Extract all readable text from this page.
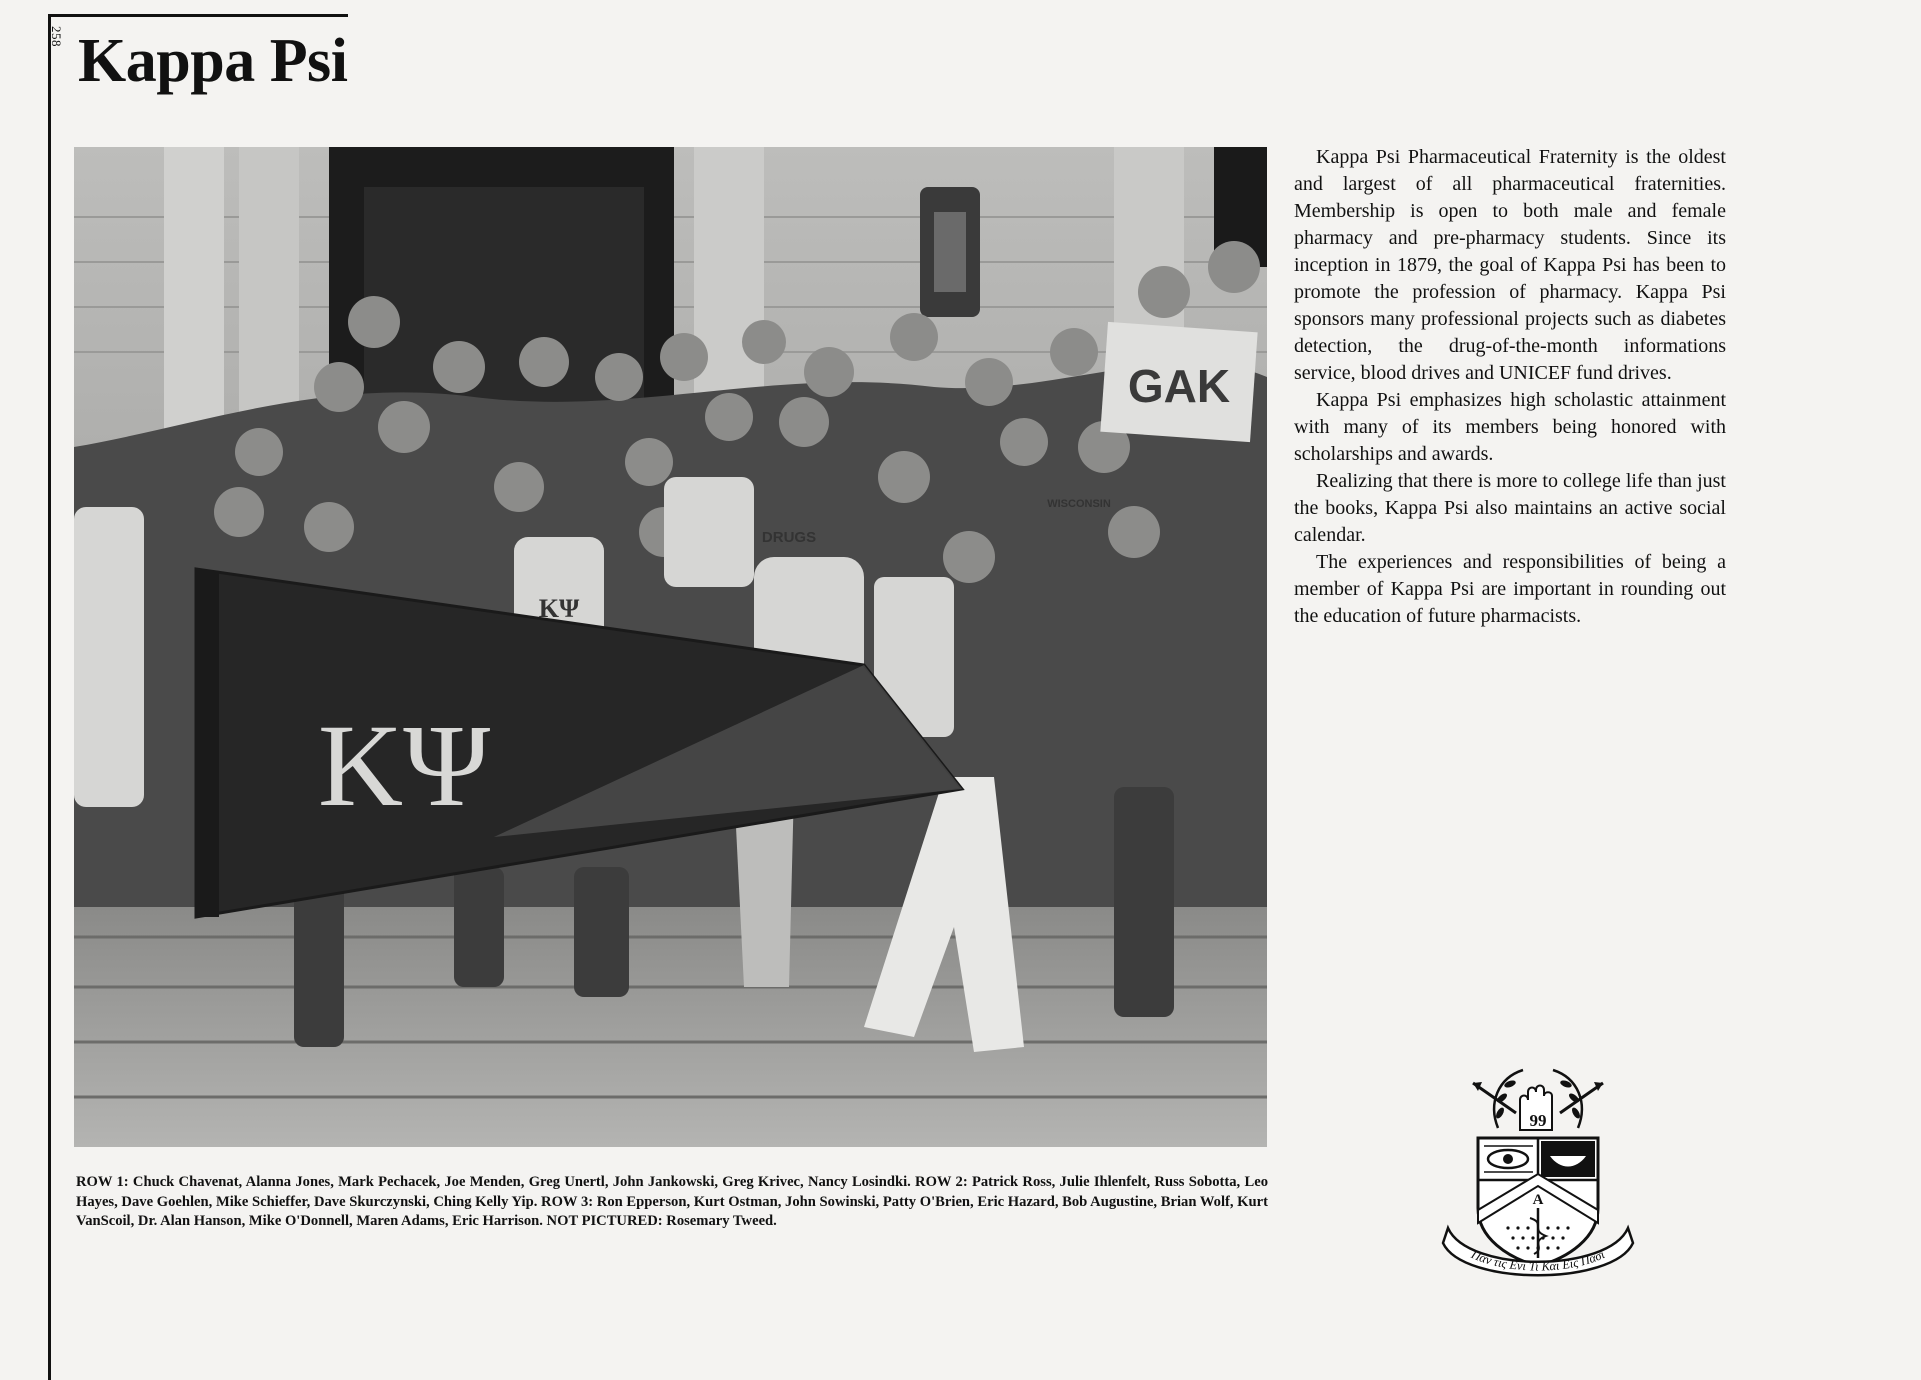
258 Kappa Psi
GAK
KΨ
DRUGS
WISCONSIN
KΨ
ROW 1: Chuck Chavenat, Alanna Jones, Mark Pechacek, Joe Menden, Greg Unertl, John Jankowski, Greg Krivec, Nancy Losindki. ROW 2: Patrick Ross, Julie Ihlenfelt, Russ Sobotta, Leo Hayes, Dave Goehlen, Mike Schieffer, Dave Skurczynski, Ching Kelly Yip. ROW 3: Ron Epperson, Kurt Ostman, John Sowinski, Patty O'Brien, Eric Hazard, Bob Augustine, Brian Wolf, Kurt VanScoil, Dr. Alan Hanson, Mike O'Donnell, Maren Adams, Eric Harrison. NOT PICTURED: Rosemary Tweed.

Kappa Psi Pharmaceutical Fraternity is the oldest and largest of all pharmaceutical fraternities. Membership is open to both male and female pharmacy and pre-pharmacy students. Since its inception in 1879, the goal of Kappa Psi has been to promote the profession of pharmacy. Kappa Psi sponsors many professional projects such as diabetes detection, the drug-of-the-month informations service, blood drives and UNICEF fund drives.

Kappa Psi emphasizes high scholastic attainment with many of its members being honored with scholarships and awards.

Realizing that there is more to college life than just the books, Kappa Psi also maintains an active social calendar.

The experiences and responsibilities of being a member of Kappa Psi are important in rounding out the education of future pharmacists.

99
A
Παν τις Ενι Τι Και Εις Πασι
